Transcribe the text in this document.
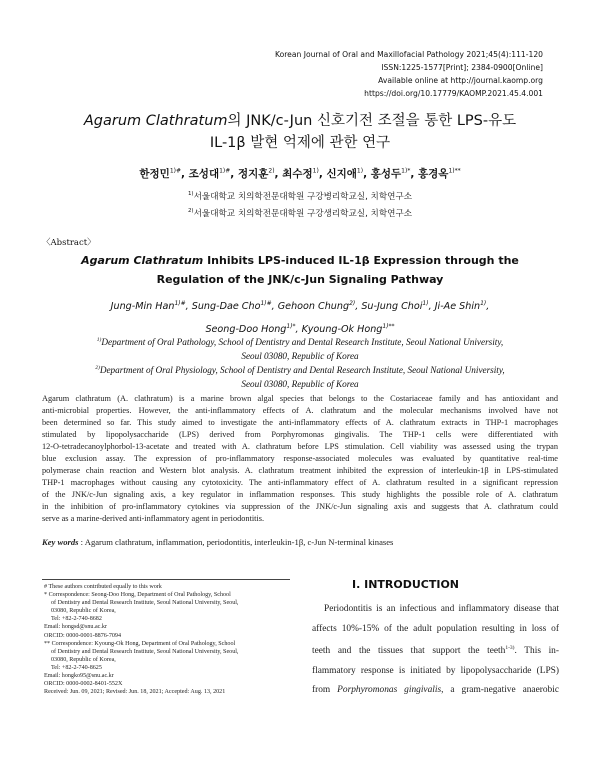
Korean Journal of Oral and Maxillofacial Pathology 2021;45(4):111-120
ISSN:1225-1577[Print]; 2384-0900[Online]
Available online at http://journal.kaomp.org
https://doi.org/10.17779/KAOMP.2021.45.4.001
Agarum Clathratum의 JNK/c-Jun 신호기전 조절을 통한 LPS-유도
IL-1β 발현 억제에 관한 연구
한정민$^{1)\#}$, 조성대$^{1)\#}$, 정지훈$^{2)}$, 최수정$^{1)}$, 신지애$^{1)}$, 홍성두$^{1)*}$, 홍경옥$^{1)**}$
$^{1)}$서울대학교 치의학전문대학원 구강병리학교실, 치학연구소
$^{2)}$서울대학교 치의학전문대학원 구강생리학교실, 치학연구소
〈Abstract〉
Agarum Clathratum Inhibits LPS-induced IL-1β Expression through the
Regulation of the JNK/c-Jun Signaling Pathway
Jung-Min Han$^{1)\#}$, Sung-Dae Cho$^{1)\#}$, Gehoon Chung$^{2)}$, Su-Jung Choi$^{1)}$, Ji-Ae Shin$^{1)}$,
Seong-Doo Hong$^{1)*}$, Kyoung-Ok Hong$^{1)**}$
$^{1)}$Department of Oral Pathology, School of Dentistry and Dental Research Institute, Seoul National University,
Seoul 03080, Republic of Korea
$^{2)}$Department of Oral Physiology, School of Dentistry and Dental Research Institute, Seoul National University,
Seoul 03080, Republic of Korea
Agarum clathratum (A. clathratum) is a marine brown algal species that belongs to the Costariaceae family and has antioxidant and
anti-microbial properties. However, the anti-inflammatory effects of A. clathratum and the molecular mechanisms involved have not
been determined so far. This study aimed to investigate the anti-inflammatory effects of A. clathratum extracts in THP-1 macrophages
stimulated by lipopolysaccharide (LPS) derived from Porphyromonas gingivalis. The THP-1 cells were differentiated with
12-O-tetradecanoylphorbol-13-acetate and treated with A. clathratum before LPS stimulation. Cell viability was assessed using the trypan
blue exclusion assay. The expression of pro-inflammatory response-associated molecules was evaluated by quantitative real-time
polymerase chain reaction and Western blot analysis. A. clathratum treatment inhibited the expression of interleukin-1β in LPS-stimulated
THP-1 macrophages without causing any cytotoxicity. The anti-inflammatory effect of A. clathratum resulted in a significant repression
of the JNK/c-Jun signaling axis, a key regulator in inflammation responses. This study highlights the possible role of A. clathratum
in the inhibition of pro-inflammatory cytokines via suppression of the JNK/c-Jun signaling axis and suggests that A. clathratum could
serve as a marine-derived anti-inflammatory agent in periodontitis.
Key words : Agarum clathratum, inflammation, periodontitis, interleukin-1β, c-Jun N-terminal kinases
# These authors contributed equally to this work
* Correspondence: Seong-Doo Hong, Department of Oral Pathology, School
of Dentistry and Dental Research Institute, Seoul National University, Seoul,
03080, Republic of Korea,
Tel: +82-2-740-8682
Email: hongsd@snu.ac.kr
ORCID: 0000-0001-8876-7094
** Correspondence: Kyoung-Ok Hong, Department of Oral Pathology, School
of Dentistry and Dental Research Institute, Seoul National University, Seoul,
03080, Republic of Korea,
Tel: +82-2-740-8625
Email: hongko95@snu.ac.kr
ORCID: 0000-0002-8401-552X
Received: Jun. 09, 2021; Revised: Jun. 18, 2021; Accepted: Aug. 13, 2021
Ⅰ. INTRODUCTION
Periodontitis is an infectious and inflammatory disease that
affects 10%-15% of the adult population resulting in loss of
teeth and the tissues that support the teeth$^{1-3)}$. This in-
flammatory response is initiated by lipopolysaccharide (LPS)
from Porphyromonas gingivalis, a gram-negative anaerobic
